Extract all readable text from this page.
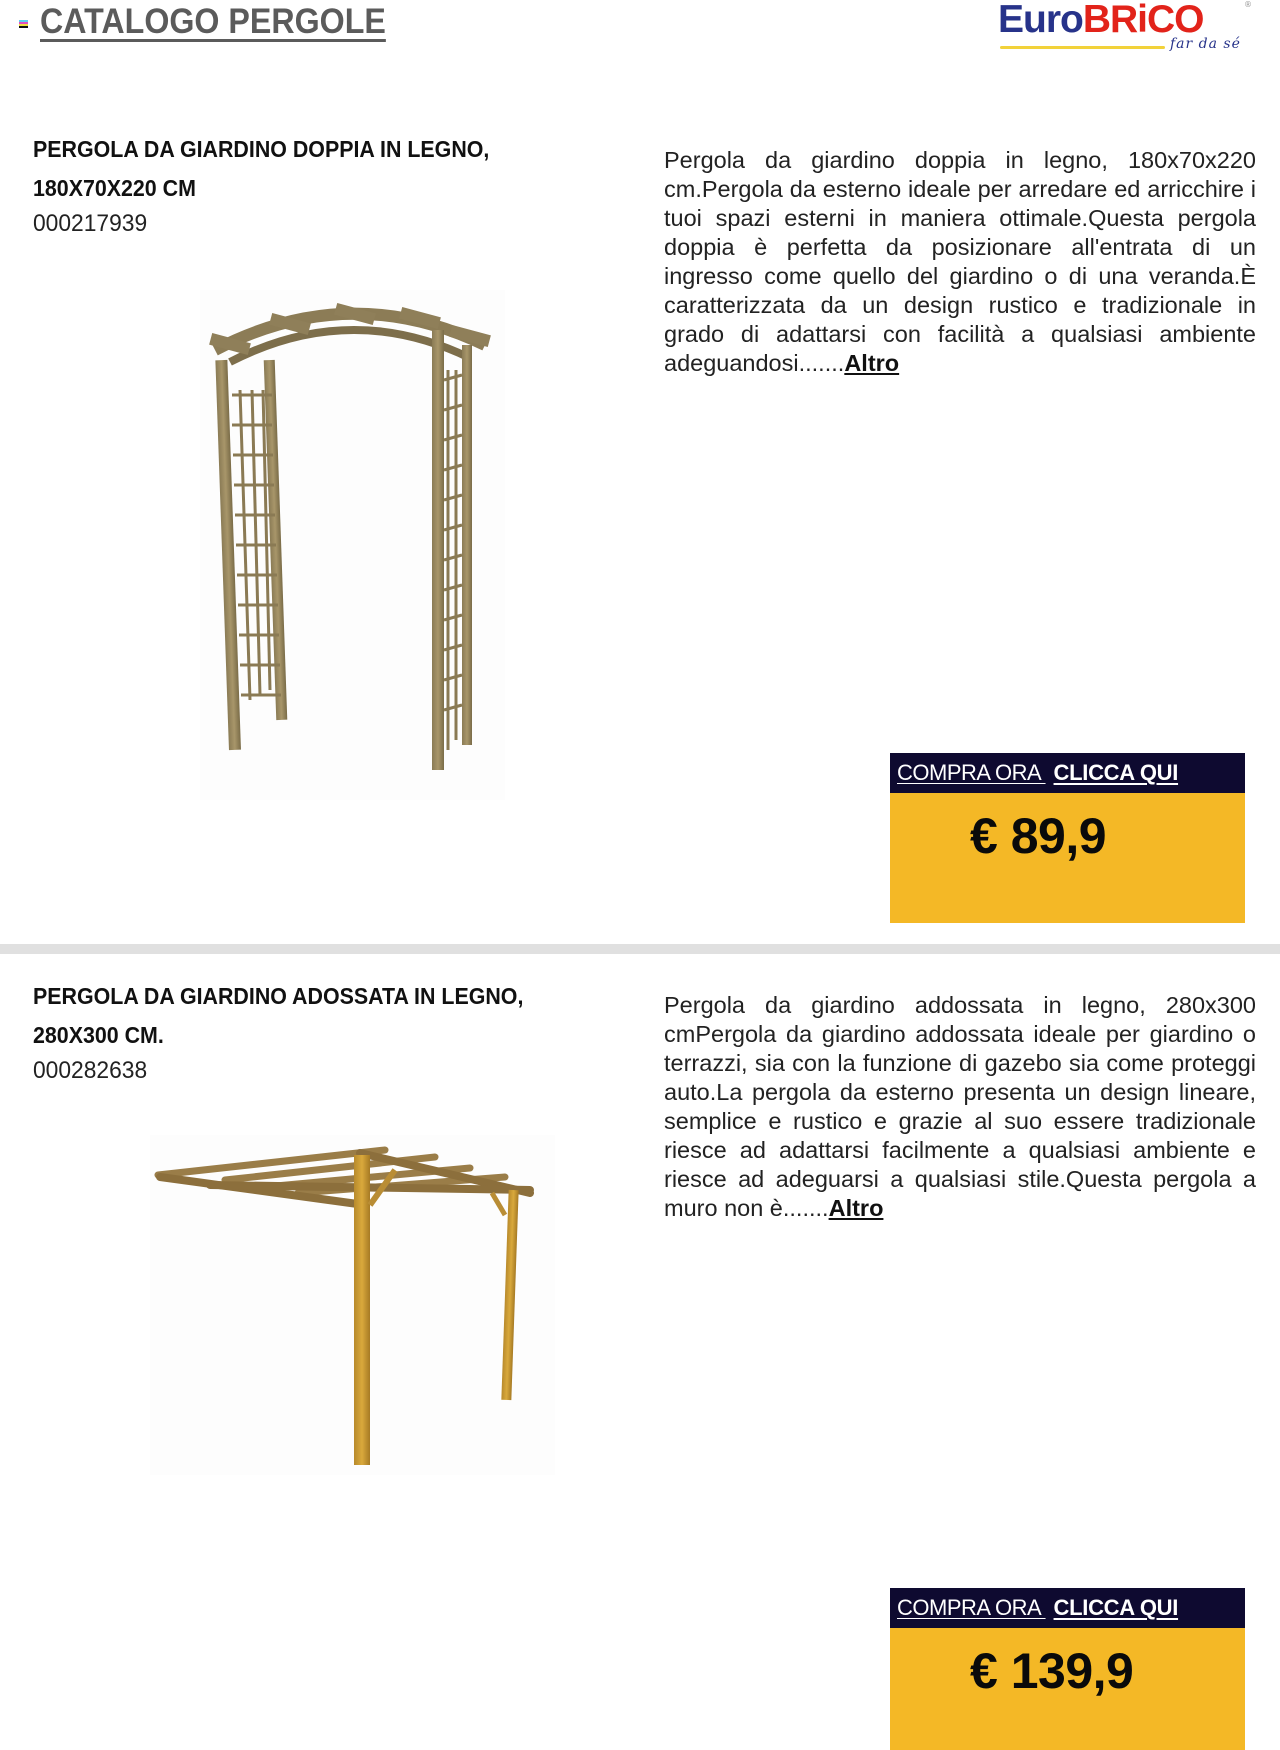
CATALOGO PERGOLE	EuroBRiCO	®
far da sé
PERGOLA DA GIARDINO DOPPIA IN LEGNO, 180X70X220 CM
000217939
Pergola da giardino doppia in legno, 180x70x220 cm.Pergola da esterno ideale per arredare ed arricchire i tuoi spazi esterni in maniera ottimale.Questa pergola doppia è perfetta da posizionare all'entrata di un ingresso come quello del giardino o di una veranda.È caratterizzata da un design rustico e tradizionale in grado di adattarsi con facilità a qualsiasi ambiente adeguandosi.......Altro
COMPRA ORA CLICCA QUI
€ 89,9
PERGOLA DA GIARDINO ADOSSATA IN LEGNO, 280X300 CM.
000282638
Pergola da giardino addossata in legno, 280x300 cmPergola da giardino addossata ideale per giardino o terrazzi, sia con la funzione di gazebo sia come proteggi auto.La pergola da esterno presenta un design lineare, semplice e rustico e grazie al suo essere tradizionale riesce ad adattarsi facilmente a qualsiasi ambiente e riesce ad adeguarsi a qualsiasi stile.Questa pergola a muro non è.......Altro
COMPRA ORA CLICCA QUI
€ 139,9
